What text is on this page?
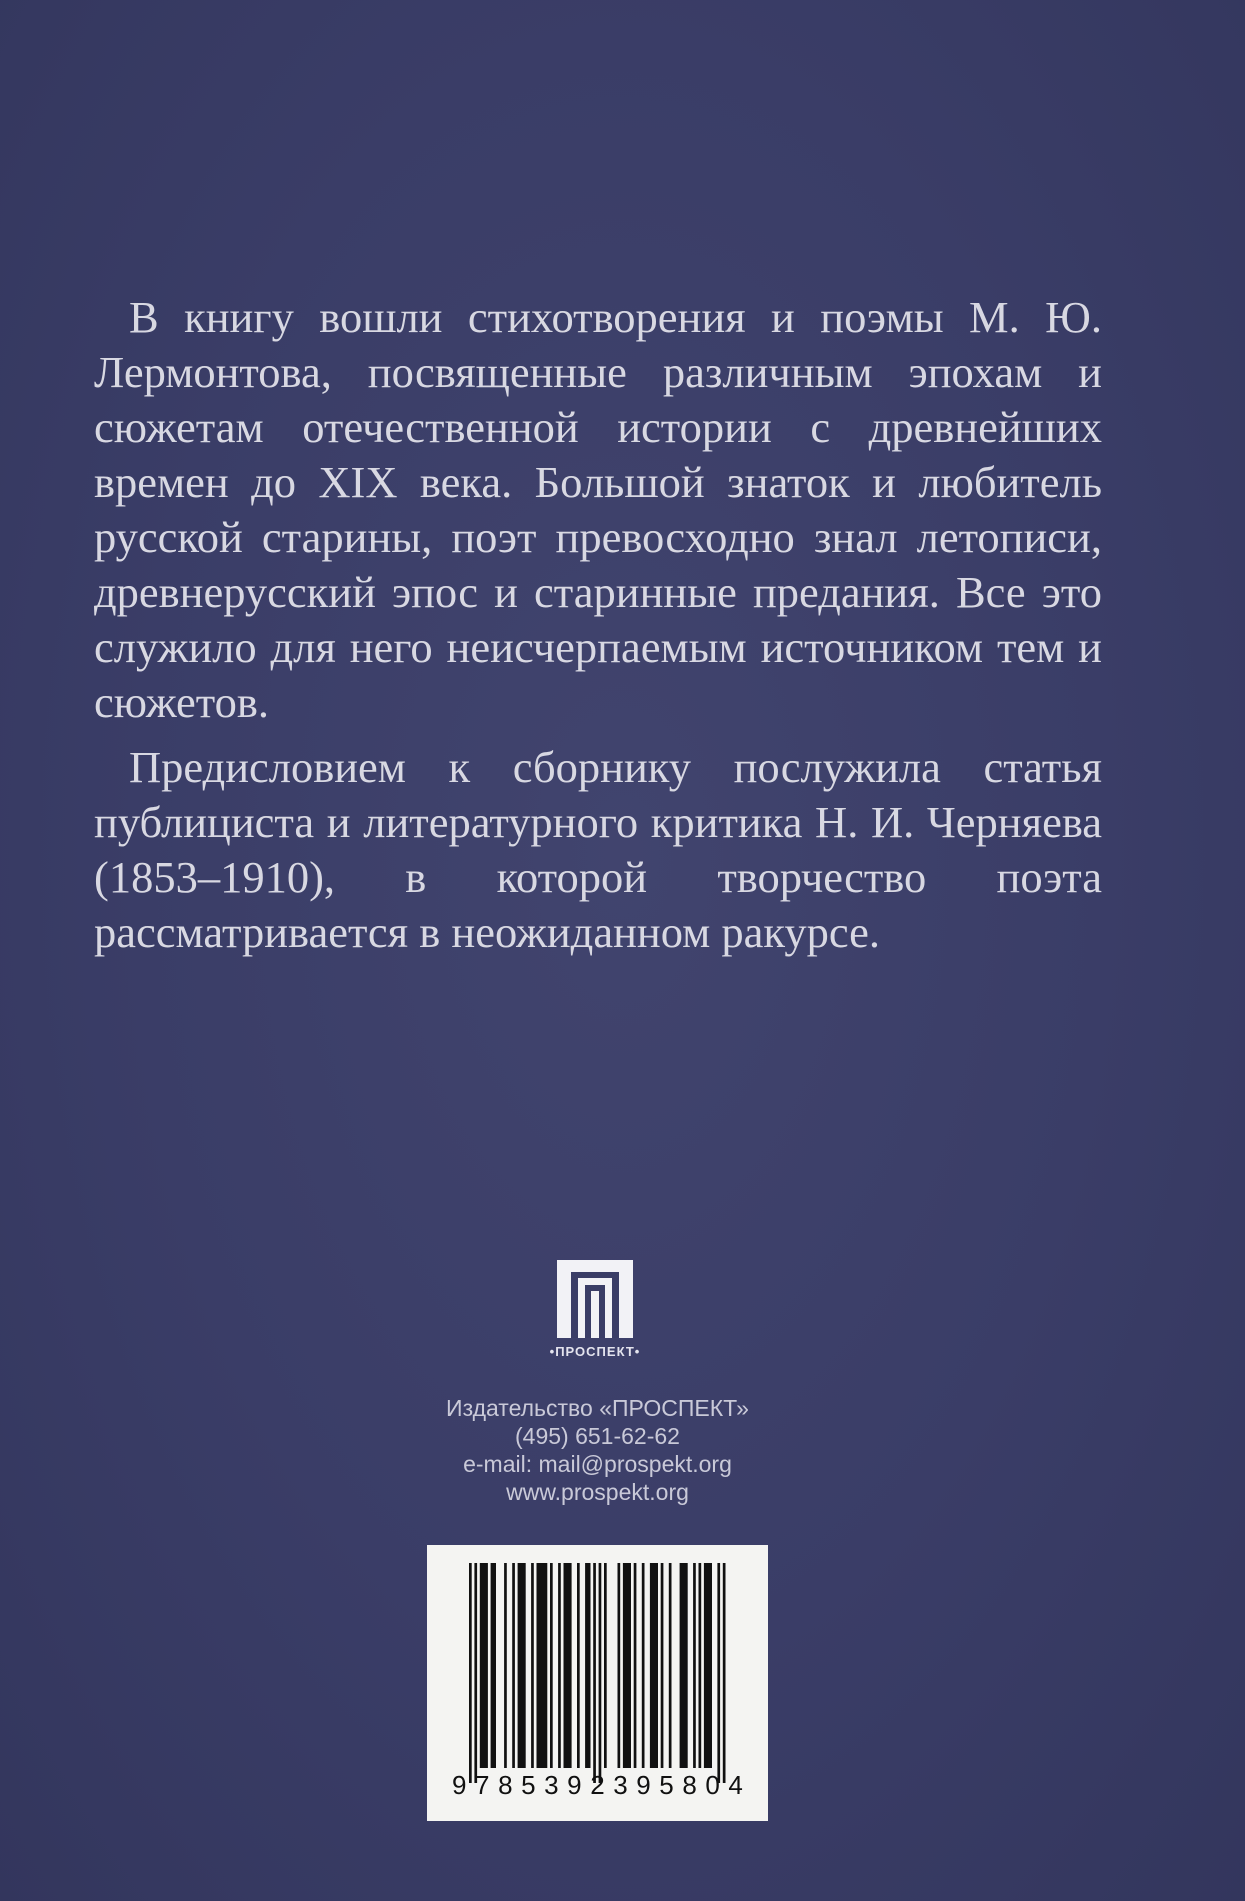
В книгу вошли стихотворения и поэмы М. Ю. Лермонтова, посвященные различным эпохам и сюжетам отечественной истории с древнейших времен до XIX века. Большой знаток и любитель русской старины, поэт превосходно знал летописи, древнерусский эпос и старинные предания. Все это служило для него неисчерпаемым источником тем и сюжетов.

Предисловием к сборнику послужила статья публициста и литературного критика Н. И. Черняева (1853–1910), в которой творчество поэта рассматривается в неожиданном ракурсе.

•ПРОСПЕКТ•
Издательство «ПРОСПЕКТ»
(495) 651-62-62
e-mail: mail@prospekt.org
www.prospekt.org
9 7 8 5 3 9 2 3 9 5 8 0 4
